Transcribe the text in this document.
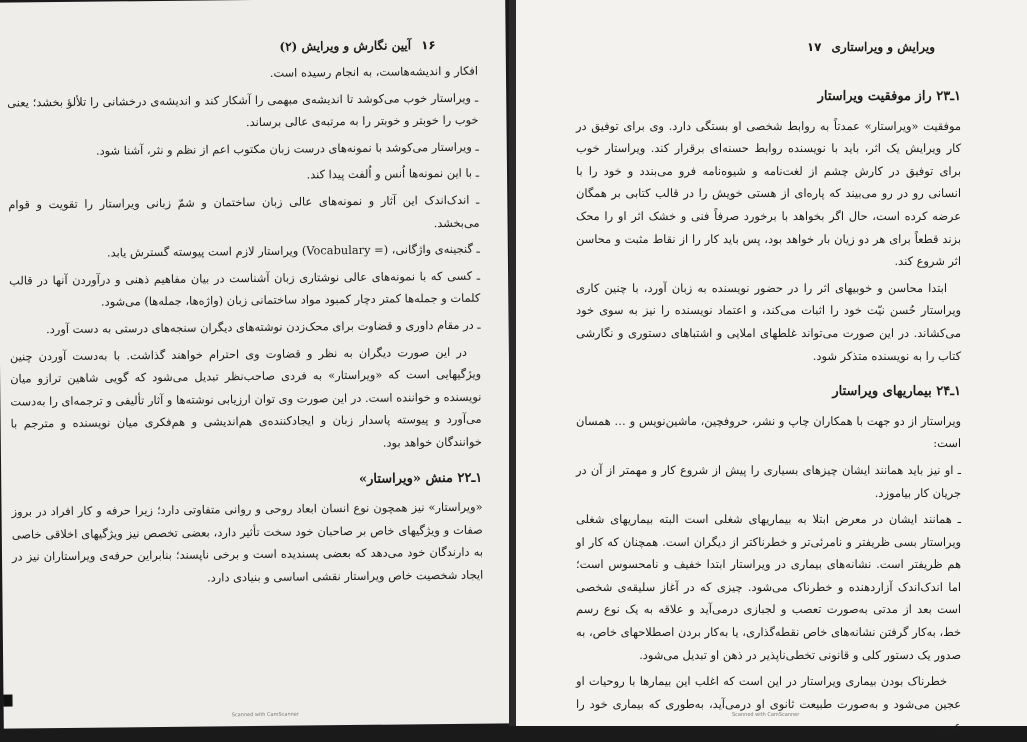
۱۶
آیین نگارش و ویرایش (۲)

افکار و اندیشه‌هاست، به انجام رسیده است.

ـ ویراستار خوب می‌کوشد تا اندیشه‌ی مبهمی را آشکار کند و اندیشه‌ی درخشانی را تلألؤ بخشد؛ یعنی خوب را خوبتر و خوبتر را به مرتبه‌ی عالی برساند.

ـ ویراستار می‌کوشد با نمونه‌های درست زبان مکتوب اعم از نظم و نثر، آشنا شود.

ـ با این نمونه‌ها اُنس و اُلفت پیدا کند.

ـ اندک‌اندک این آثار و نمونه‌های عالی زبان ساختمان و شمّ زبانی ویراستار را تقویت و قوام می‌بخشد.

ـ گنجینه‌ی واژگانی، (= Vocabulary) ویراستار لازم است پیوسته گسترش یابد.

ـ کسی که با نمونه‌های عالی نوشتاری زبان آشناست در بیان مفاهیم ذهنی و درآوردن آنها در قالب کلمات و جمله‌ها کمتر دچار کمبود مواد ساختمانی زبان (واژه‌ها، جمله‌ها) می‌شود.

ـ در مقام داوری و قضاوت برای محک‌زدن نوشته‌های دیگران سنجه‌های درستی به دست آورد.

در این صورت دیگران به نظر و قضاوت وی احترام خواهند گذاشت. با به‌دست آوردن چنین ویژگیهایی است که «ویراستار» به فردی صاحب‌نظر تبدیل می‌شود که گویی شاهین ترازو میان نویسنده و خواننده است. در این صورت وی توان ارزیابی نوشته‌ها و آثار تألیفی و ترجمه‌ای را به‌دست می‌آورد و پیوسته پاسدار زبان و ایجادکننده‌ی هم‌اندیشی و هم‌فکری میان نویسنده و مترجم با خوانندگان خواهد بود.

۱ـ۲۲ منش «ویراستار»

«ویراستار» نیز همچون نوع انسان ابعاد روحی و روانی متفاوتی دارد؛ زیرا حرفه و کار افراد در بروز صفات و ویژگیهای خاص بر صاحبان خود سخت تأثیر دارد، بعضی تخصص نیز ویژگیهای اخلاقی خاصی به دارندگان خود می‌دهد که بعضی پسندیده است و برخی ناپسند؛ بنابراین حرفه‌ی ویراستاران نیز در ایجاد شخصیت خاص ویراستار نقشی اساسی و بنیادی دارد.

Scanned with CamScanner
ویرایش و ویراستاری
۱۷
۱ـ۲۳ راز موفقیت ویراستار

موفقیت «ویراستار» عمدتاً به روابط شخصی او بستگی دارد. وی برای توفیق در کار ویرایش یک اثر، باید با نویسنده روابط حسنه‌ای برقرار کند. ویراستار خوب برای توفیق در کارش چشم از لغت‌نامه و شیوه‌نامه فرو می‌بندد و خود را با انسانی رو در رو می‌بیند که پاره‌ای از هستی خویش را در قالب کتابی بر همگان عرضه کرده است، حال اگر بخواهد با برخورد صرفاً فنی و خشک اثر او را محک بزند قطعاً برای هر دو زیان بار خواهد بود، پس باید کار را از نقاط مثبت و محاسن اثر شروع کند.

ابتدا محاسن و خوبیهای اثر را در حضور نویسنده به زبان آورد، با چنین کاری ویراستار حُسن نیّت خود را اثبات می‌کند، و اعتماد نویسنده را نیز به سوی خود می‌کشاند. در این صورت می‌تواند غلطهای املایی و اشتباهای دستوری و نگارشی کتاب را به نویسنده متذکر شود.

۱ـ۲۴ بیماریهای ویراستار

ویراستار از دو جهت با همکاران چاپ و نشر، حروفچین، ماشین‌نویس و … همسان است:

ـ او نیز باید همانند ایشان چیزهای بسیاری را پیش از شروع کار و مهمتر از آن در جریان کار بیاموزد.

ـ همانند ایشان در معرض ابتلا به بیماریهای شغلی است البته بیماریهای شغلی ویراستار بسی ظریفتر و نامرئی‌تر و خطرناکتر از دیگران است. همچنان که کار او هم ظریفتر است. نشانه‌های بیماری در ویراستار ابتدا خفیف و نامحسوس است؛ اما اندک‌اندک آزاردهنده و خطرناک می‌شود. چیزی که در آغاز سلیقه‌ی شخصی است بعد از مدتی به‌صورت تعصب و لجبازی درمی‌آید و علاقه به یک نوع رسم خط، به‌کار گرفتن نشانه‌های خاص نقطه‌گذاری، یا به‌کار بردن اصطلاحهای خاص، به صدور یک دستور کلی و قانونی تخطی‌ناپذیر در ذهن او تبدیل می‌شود.

خطرناک بودن بیماری ویراستار در این است که اغلب این بیمارها با روحیات او عجین می‌شود و به‌صورت طبیعت ثانوی او درمی‌آید، به‌طوری که بیماری خود را عین

Scanned with CamScanner
